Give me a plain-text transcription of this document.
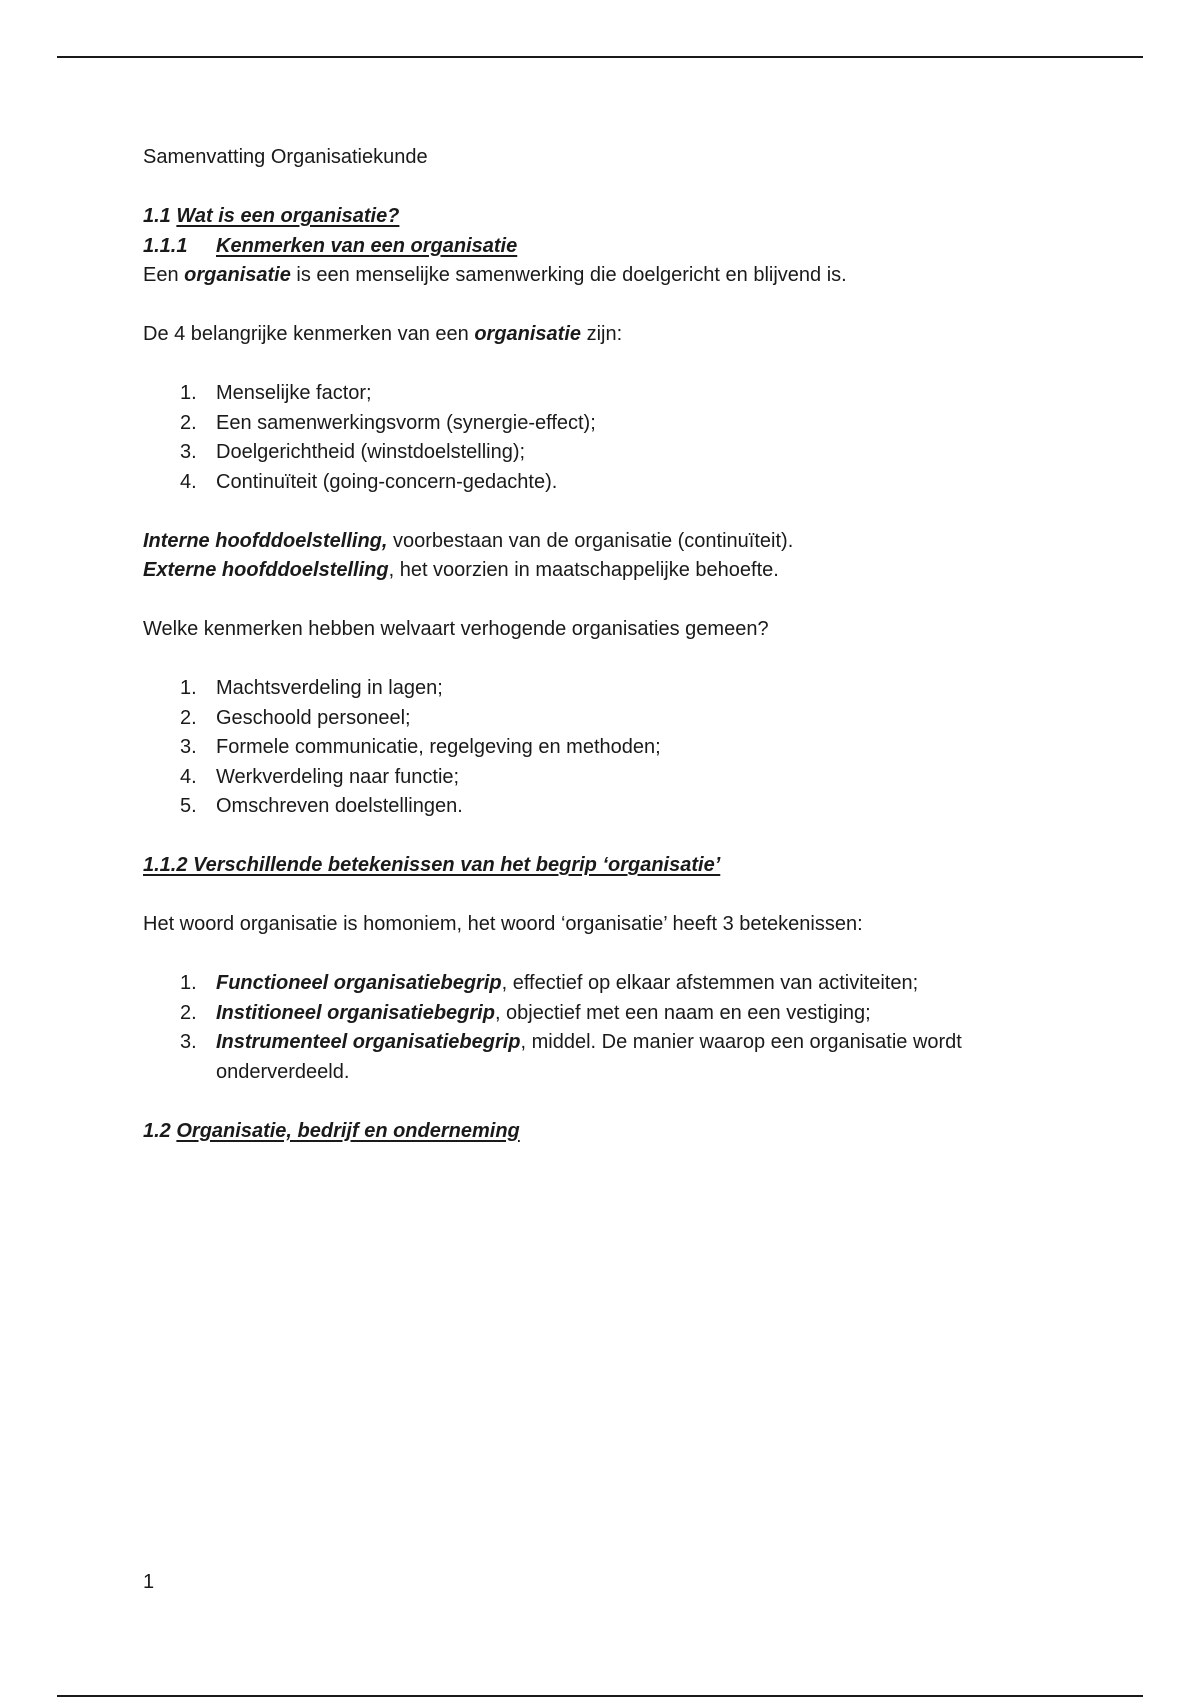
Samenvatting Organisatiekunde

1.1 Wat is een organisatie?

1.1.1 Kenmerken van een organisatie

Een organisatie is een menselijke samenwerking die doelgericht en blijvend is.

De 4 belangrijke kenmerken van een organisatie zijn:

1. Menselijke factor;
2. Een samenwerkingsvorm (synergie-effect);
3. Doelgerichtheid (winstdoelstelling);
4. Continuïteit (going-concern-gedachte).

Interne hoofddoelstelling, voorbestaan van de organisatie (continuïteit).

Externe hoofddoelstelling, het voorzien in maatschappelijke behoefte.

Welke kenmerken hebben welvaart verhogende organisaties gemeen?

1. Machtsverdeling in lagen;
2. Geschoold personeel;
3. Formele communicatie, regelgeving en methoden;
4. Werkverdeling naar functie;
5. Omschreven doelstellingen.

1.1.2 Verschillende betekenissen van het begrip ‘organisatie’

Het woord organisatie is homoniem, het woord ‘organisatie’ heeft 3 betekenissen:

1. Functioneel organisatiebegrip, effectief op elkaar afstemmen van activiteiten;
2. Institioneel organisatiebegrip, objectief met een naam en een vestiging;
3. Instrumenteel organisatiebegrip, middel. De manier waarop een organisatie wordt onderverdeeld.

1.2 Organisatie, bedrijf en onderneming

1
